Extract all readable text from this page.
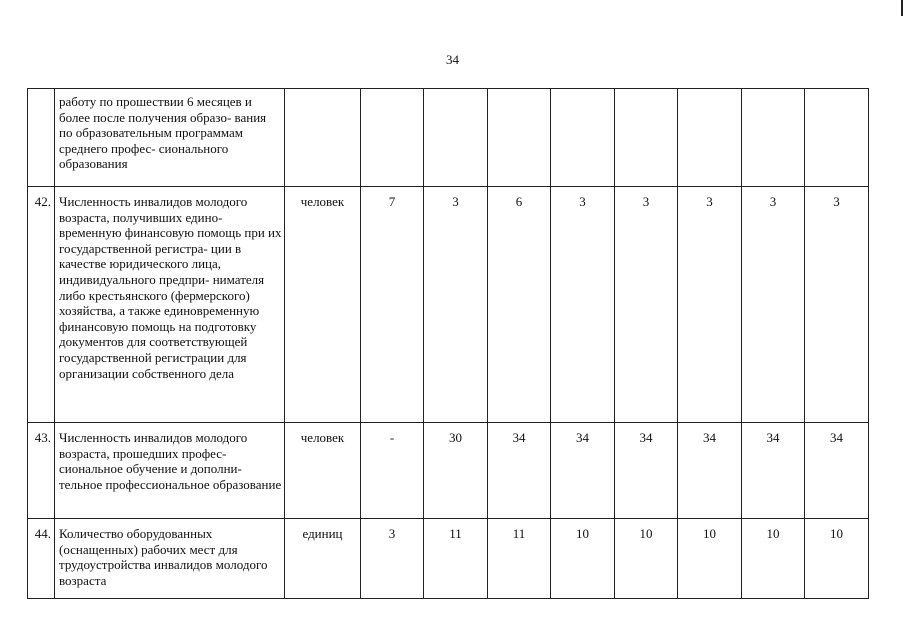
34
	работу по прошествии 6 месяцев и более после получения образо- вания по образовательным программам среднего профес- сионального образования									
42.	Численность инвалидов молодого возраста, получивших едино- временную финансовую помощь при их государственной регистра- ции в качестве юридического лица, индивидуального предпри- нимателя либо крестьянского (фермерского) хозяйства, а также единовременную финансовую помощь на подготовку документов для соответствующей государственной регистрации для организации собственного дела	человек	7	3	6	3	3	3	3	3
43.	Численность инвалидов молодого возраста, прошедших профес- сиональное обучение и дополни- тельное профессиональное образование	человек	-	30	34	34	34	34	34	34
44.	Количество оборудованных (оснащенных) рабочих мест для трудоустройства инвалидов молодого возраста	единиц	3	11	11	10	10	10	10	10
